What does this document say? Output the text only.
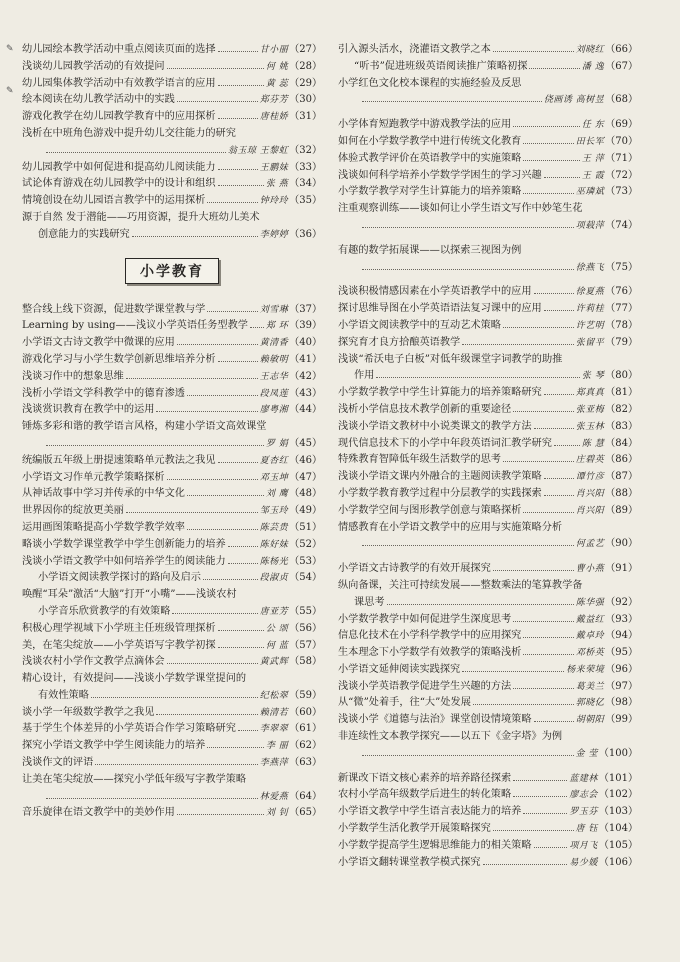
✎
✎
幼儿园绘本教学活动中重点阅读页面的选择	甘小丽 （27）
浅谈幼儿园教学活动的有效提问	何 姚 （28）
幼儿园集体教学活动中有效教学语言的应用	黄 蕊 （29）
绘本阅读在幼儿教学活动中的实践	郑芬芳 （30）
游戏化教学在幼儿园教学教育中的应用探析	唐桂娇 （31）
浅析在中班角色游戏中提升幼儿交往能力的研究
翁玉琼 王黎虹 （32）
幼儿园教学中如何促进和提高幼儿阅读能力	王鹏妹 （33）
试论体育游戏在幼儿园教学中的设计和组织	张 燕 （34）
情境创设在幼儿园语言教学中的运用探析	钟玲玲 （35）
源于自然 发于潜能——巧用资源，提升大班幼儿美术
创意能力的实践研究	李婷婷 （36）
小学教育
整合线上线下资源，促进数学课堂教与学	刘雪琳 （37）
Learning by using——浅议小学英语任务型教学 郑 环 （39）
小学语文古诗文教学中微课的应用	黄清香 （40）
游戏化学习与小学生数学创新思维培养分析	赖敏明 （41）
浅谈习作中的想象思维	王志华 （42）
浅析小学语文学科教学中的德育渗透	段凤莲 （43）
浅谈赏识教育在教学中的运用	廖粤湘 （44）
锤炼多彩和谐的教学语言风格，构建小学语文高效课堂
罗 娟 （45）
统编版五年级上册提速策略单元教法之我见	夏杏红 （46）
小学语文习作单元教学策略探析	邓玉坤 （47）
从神话故事中学习并传承的中华文化	刘 鹰 （48）
世界因你的绽放更美丽	邹玉玲 （49）
运用画图策略提高小学数学教学效率	陈芸贵 （51）
略谈小学数学课堂教学中学生创新能力的培养	陈好妹 （52）
浅谈小学语文教学中如何培养学生的阅读能力	陈杨光 （53）
小学语文阅读教学探讨的路向及启示	段淑贞 （54）
唤醒“耳朵”激活“大脑”打开“小嘴”——浅谈农村
小学音乐欣赏教学的有效策略	唐亚芳 （55）
积极心理学视域下小学班主任班级管理探析	公 颂 （56）
美，在笔尖绽放——小学英语写字教学初探	何 蓝 （57）
浅谈农村小学作文教学点滴体会	黄武辉 （58）
精心设计，有效提问——浅谈小学数学课堂提问的
有效性策略	纪松翠 （59）
谈小学一年级数学教学之我见	赖清若 （60）
基于学生个体差异的小学英语合作学习策略研究	李翠翠 （61）
探究小学语文教学中学生阅读能力的培养	李 丽 （62）
浅谈作文的评语	李燕萍 （63）
让美在笔尖绽放——探究小学低年级写字教学策略
林爱燕 （64）
音乐旋律在语文教学中的美妙作用	刘 钊 （65）
引入源头活水，浇灌语文教学之本	刘晓红 （66）
“听书”促进班级英语阅读推广策略初探	潘 逸 （67）
小学红色文化校本课程的实施经验及反思
侥画诱 高树昱 （68）
小学体育短跑教学中游戏教学法的应用	任 东 （69）
如何在小学数学教学中进行传统文化教育	田长军 （70）
体验式教学评价在英语教学中的实施策略	王 萍 （71）
浅谈如何科学培养小学数学学困生的学习兴趣	王 霞 （72）
小学数学教学对学生计算能力的培养策略	巫璘斌 （73）
注重观察训练——谈如何让小学生语文写作中妙笔生花
项载萍 （74）
有趣的数学拓展课——以探索三视图为例
徐燕飞 （75）
浅谈积极情感因素在小学英语教学中的应用	徐夏燕 （76）
探讨思维导图在小学英语语法复习课中的应用	许莉桂 （77）
小学语文阅读教学中的互动艺术策略	许艺明 （78）
探究育才良方拾酿英语教学	张留平 （79）
浅谈“希沃电子白板”对低年级课堂字词教学的助推
作用	张 琴 （80）
小学数学教学中学生计算能力的培养策略研究	郑真真 （81）
浅析小学信息技术教学创新的重要途径	张亚梅 （82）
浅谈小学语文教材中小说类课文的教学方法	张玉林 （83）
现代信息技术下的小学中年段英语词汇教学研究	陈 慧 （84）
特殊教育智障低年级生活数学的思考	庄碧英 （86）
浅谈小学语文课内外融合的主题阅读教学策略	谭竹彦 （87）
小学数学教育教学过程中分层教学的实践探索	肖兴阳 （88）
小学数学空间与图形教学创意与策略探析	肖兴阳 （89）
情感教育在小学语文教学中的应用与实施策略分析
何孟艺 （90）
小学语文古诗教学的有效开展探究	曹小燕 （91）
纵向备课，关注可持续发展——整数乘法的笔算教学备
课思考	陈华强 （92）
小学数学教学中如何促进学生深度思考	戴益红 （93）
信息化技术在小学科学教学中的应用探究	戴卓玲 （94）
生本理念下小学数学有效教学的策略浅析	邓桥英 （95）
小学语文延伸阅读实践探究	杨来荣境 （96）
浅谈小学英语教学促进学生兴趣的方法	葛美兰 （97）
从“微”处着手，往“大”处发展	郭晓亿 （98）
浅谈小学《道德与法治》课堂创设情境策略	胡朝阳 （99）
非连续性文本教学探究——以五下《金字塔》为例
金 莹 （100）
新课改下语文核心素养的培养路径探索	蓝建林 （101）
农村小学高年级数学后进生的转化策略	廖志会 （102）
小学语文教学中学生语言表达能力的培养	罗玉芬 （103）
小学数学生活化教学开展策略探究	唐 钰 （104）
小学数学提高学生逻辑思维能力的相关策略	项月飞 （105）
小学语文翻转课堂教学模式探究	易少媛 （106）
